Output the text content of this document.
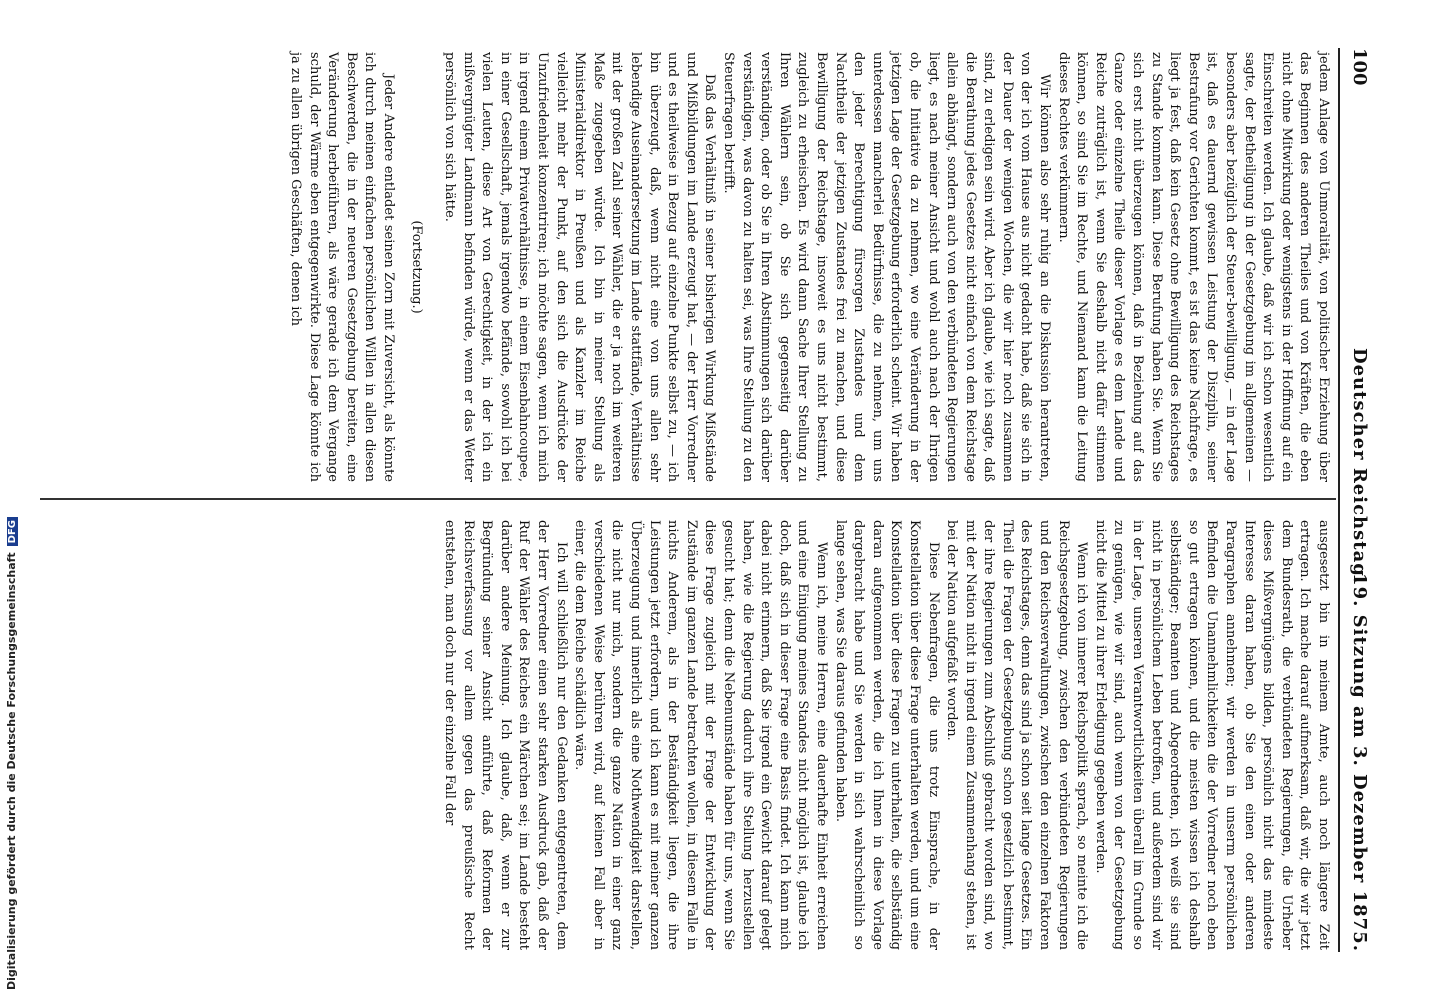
100
Deutscher Reichstag.
19. Sitzung am 3. Dezember 1875.

jedem Anlage von Unmoralität, von politischer Erziehung über das Beginnen des anderen Theiles und von Kräften, die eben nicht ohne Mitwirkung oder wenigstens in der Hoffnung auf ein Einschreiten werden. Ich glaube, daß wir ich schon wesentlich sagte, der Betheiligung in der Gesetzgebung im allgemeinen — besonders aber bezüglich der Steuer-bewilligung, — in der Lage ist, daß es dauernd gewissen Leistung der Disziplin, seiner Bestrafung vor Gerichten kommt, es ist das keine Nachfrage, es liegt ja fest, daß kein Gesetz ohne Bewilligung des Reichstages zu Stande kommen kann. Diese Berufung haben Sie. Wenn Sie sich erst nicht überzeugen können, daß in Beziehung auf das Ganze oder einzelne Theile dieser Vorlage es dem Lande und Reiche zuträglich ist, wenn Sie deshalb nicht dafür stimmen können, so sind Sie im Rechte, und Niemand kann die Leitung dieses Rechtes verkümmern.

Wir können also sehr ruhig an die Diskussion herantreten, von der ich vom Hause aus nicht gedacht habe, daß sie sich in der Dauer der wenigen Wochen, die wir hier noch zusammen sind, zu erledigen sein wird. Aber ich glaube, wie ich sagte, daß die Berathung jedes Gesetzes nicht einfach von dem Reichstage allein abhängt, sondern auch von den verbündeten Regierungen liegt, es nach meiner Ansicht und wohl auch nach der Ihrigen ob, die Initiative da zu nehmen, wo eine Veränderung in der jetzigen Lage der Gesetzgebung erforderlich scheint. Wir haben unterdessen mancherlei Bedürfnisse, die zu nehmen, um uns den jeder Berechtigung fürsorgen Zustandes und dem Nachtheile der jetzigen Zustandes frei zu machen, und diese Bewilligung der Reichstage, insoweit es uns nicht bestimmt, zugleich zu erheischen. Es wird dann Sache Ihrer Stellung zu Ihren Wählern sein, ob Sie sich gegenseitig darüber verständigen, oder ob Sie in Ihren Abstimmungen sich darüber verständigen, was davon zu halten sei, was Ihre Stellung zu den Steuerfragen betrifft.

Daß das Verhältniß in seiner bisherigen Wirkung Mißstände und Mißbildungen im Lande erzeugt hat, — der Herr Vorredner und es theilweise in Bezug auf einzelne Punkte selbst zu, — ich bin überzeugt, daß, wenn nicht eine von uns allen sehr lebendige Auseinandersetzung im Lande stattfände, Verhältnisse mit der großen Zahl seiner Wähler, die er ja noch im weiteren Maße zugegeben würde. Ich bin in meiner Stellung als Ministerialdirektor in Preußen und als Kanzler im Reiche vielleicht mehr der Punkt, auf den sich die Ausdrücke der Unzufriedenheit konzentriren; ich möchte sagen, wenn ich mich in irgend einem Privatverhältnisse, in einem Eisenbahncoupee, in einer Gesellschaft, jemals irgendwo befände, sowohl ich bei vielen Leuten, diese Art von Gerechtigkeit, in der ich ein mißvergnügter Landmann befinden würde, wenn er das Wetter persönlich von sich hätte.

(Fortsetzung.)

Jeder Andere entladet seinen Zorn mit Zuversicht, als könnte ich durch meinen einfachen persönlichen Willen in allen diesen Beschwerden, die in der neueren Gesetzgebung bereiten, eine Veränderung herbeiführen, als wäre gerade ich dem Vergange schuld, der Wärme eben entgegenwirkte. Diese Lage könnte ich ja zu allen übrigen Geschäften, denen ich

ausgesetzt bin in meinem Amte, auch noch längere Zeit ertragen. Ich mache darauf aufmerksam, daß wir, die wir jetzt dem Bundesrath, die verbündeten Regierungen, die Urheber dieses Mißvergnügens bilden, persönlich nicht das mindeste Interesse daran haben, ob Sie den einen oder anderen Paragraphen annehmen; wir werden in unserm persönlichen Befinden die Unannehmlichkeiten die der Vorredner noch eben so gut ertragen können, und die meisten wissen ich deshalb selbständiger; Beamten und Abgeordneten, ich weiß sie sind nicht in persönlichem Leben betroffen, und außerdem sind wir in der Lage, unseren Verantwortlichkeiten überall im Grunde so zu genügen, wie wir sind, auch wenn von der Gesetzgebung nicht die Mittel zu ihrer Erledigung gegeben werden.

Wenn ich von innerer Reichspolitik sprach, so meinte ich die Reichsgesetzgebung, zwischen den verbündeten Regierungen und den Reichsverwaltungen, zwischen den einzelnen Faktoren des Reichstages, denn das sind ja schon seit lange Gesetzes. Ein Theil die Fragen der Gesetzgebung schon gesetzlich bestimmt, der ihre Regierungen zum Abschluß gebracht worden sind, wo mit der Nation nicht in irgend einem Zusammenhang stehen, ist bei der Nation aufgefaßt worden.

Diese Nebenfragen, die uns trotz Einsprache, in der Konstellation über diese Frage unterhalten werden, und um eine Konstellation über diese Fragen zu unterhalten, die selbständig daran aufgenommen werden, die ich Ihnen in diese Vorlage dargebracht habe und Sie werden in sich wahrscheinlich so lange sehen, was Sie daraus gefunden haben.

Wenn ich, meine Herren, eine dauerhafte Einheit erreichen und eine Einigung meines Standes nicht möglich ist, glaube ich doch, daß sich in dieser Frage eine Basis findet. Ich kann mich dabei nicht erinnern, daß Sie irgend ein Gewicht darauf gelegt haben, wie die Regierung dadurch ihre Stellung herzustellen gesucht hat; denn die Nebenumstände haben für uns, wenn Sie diese Frage zugleich mit der Frage der Entwicklung der Zustände im ganzen Lande betrachten wollen, in diesem Falle in nichts Anderem, als in der Beständigkeit liegen, die ihre Leistungen jetzt erfordern, und ich kann es mit meiner ganzen Überzeugung und innerlich als eine Nothwendigkeit darstellen, die nicht nur mich, sondern die ganze Nation in einer ganz verschiedenen Weise berühren wird, auf keinen Fall aber in einer, die dem Reiche schädlich wäre.

Ich will schließlich nur den Gedanken entgegentreten, dem der Herr Vorredner einen sehr starken Ausdruck gab, daß der Ruf der Wähler des Reiches ein Märchen sei; im Lande besteht darüber andere Meinung. Ich glaube, daß, wenn er zur Begründung seiner Ansicht anführte, daß Reformen der Reichsverfassung vor allem gegen das preußische Recht entstehen, man doch nur der einzelne Fall der

Digitalisierung gefördert durch die Deutsche ForschungsgemeinschaftDFG
